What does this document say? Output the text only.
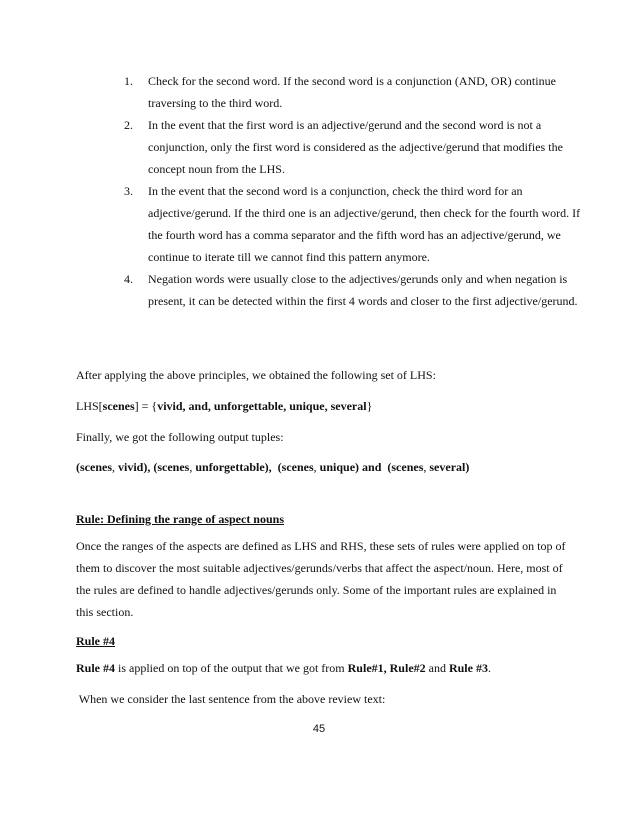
1. Check for the second word. If the second word is a conjunction (AND, OR) continue traversing to the third word.

2. In the event that the first word is an adjective/gerund and the second word is not a conjunction, only the first word is considered as the adjective/gerund that modifies the concept noun from the LHS.

3. In the event that the second word is a conjunction, check the third word for an adjective/gerund. If the third one is an adjective/gerund, then check for the fourth word. If the fourth word has a comma separator and the fifth word has an adjective/gerund, we continue to iterate till we cannot find this pattern anymore.

4. Negation words were usually close to the adjectives/gerunds only and when negation is present, it can be detected within the first 4 words and closer to the first adjective/gerund.

After applying the above principles, we obtained the following set of LHS:

LHS[scenes] = {vivid, and, unforgettable, unique, several}

Finally, we got the following output tuples:

(scenes, vivid), (scenes, unforgettable), (scenes, unique) and (scenes, several)

Rule: Defining the range of aspect nouns

Once the ranges of the aspects are defined as LHS and RHS, these sets of rules were applied on top of them to discover the most suitable adjectives/gerunds/verbs that affect the aspect/noun. Here, most of the rules are defined to handle adjectives/gerunds only. Some of the important rules are explained in this section.

Rule #4

Rule #4 is applied on top of the output that we got from Rule#1, Rule#2 and Rule #3.

When we consider the last sentence from the above review text:

45
